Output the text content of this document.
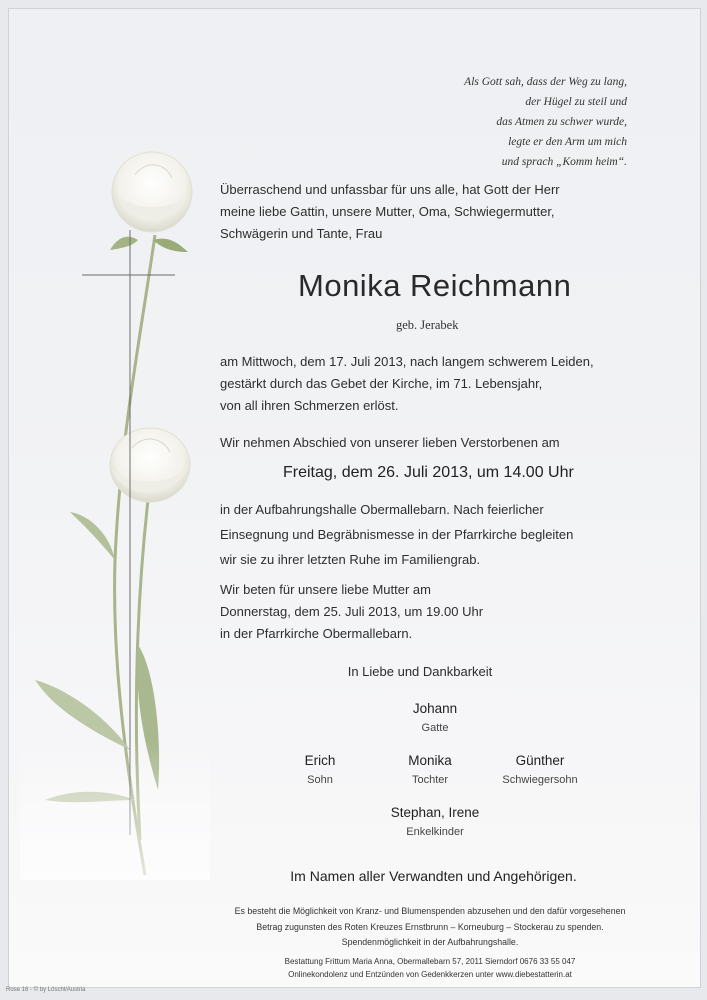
Als Gott sah, dass der Weg zu lang,
der Hügel zu steil und
das Atmen zu schwer wurde,
legte er den Arm um mich
und sprach „Komm heim“.
Überraschend und unfassbar für uns alle, hat Gott der Herr
meine liebe Gattin, unsere Mutter, Oma, Schwiegermutter,
Schwägerin und Tante, Frau
Monika Reichmann
geb. Jerabek
am Mittwoch, dem 17. Juli 2013, nach langem schwerem Leiden,
gestärkt durch das Gebet der Kirche, im 71. Lebensjahr,
von all ihren Schmerzen erlöst.
Wir nehmen Abschied von unserer lieben Verstorbenen am
Freitag, dem 26. Juli 2013, um 14.00 Uhr
in der Aufbahrungshalle Obermallebarn. Nach feierlicher
Einsegnung und Begräbnismesse in der Pfarrkirche begleiten
wir sie zu ihrer letzten Ruhe im Familiengrab.
Wir beten für unsere liebe Mutter am
Donnerstag, dem 25. Juli 2013, um 19.00 Uhr
in der Pfarrkirche Obermallebarn.
In Liebe und Dankbarkeit
Johann
Gatte
Erich
Sohn
Monika
Tochter
Günther
Schwiegersohn
Stephan, Irene
Enkelkinder
Im Namen aller Verwandten und Angehörigen.
Es besteht die Möglichkeit von Kranz- und Blumenspenden abzusehen und den dafür vorgesehenen
Betrag zugunsten des Roten Kreuzes Ernstbrunn – Korneuburg – Stockerau zu spenden.
Spendenmöglichkeit in der Aufbahrungshalle.
Bestattung Frittum Maria Anna, Obermallebarn 57, 2011 Sierndorf 0676 33 55 047
Onlinekondolenz und Entzünden von Gedenkkerzen unter www.diebestatterin.at
Rose 16 - © by Löschl/Austria
